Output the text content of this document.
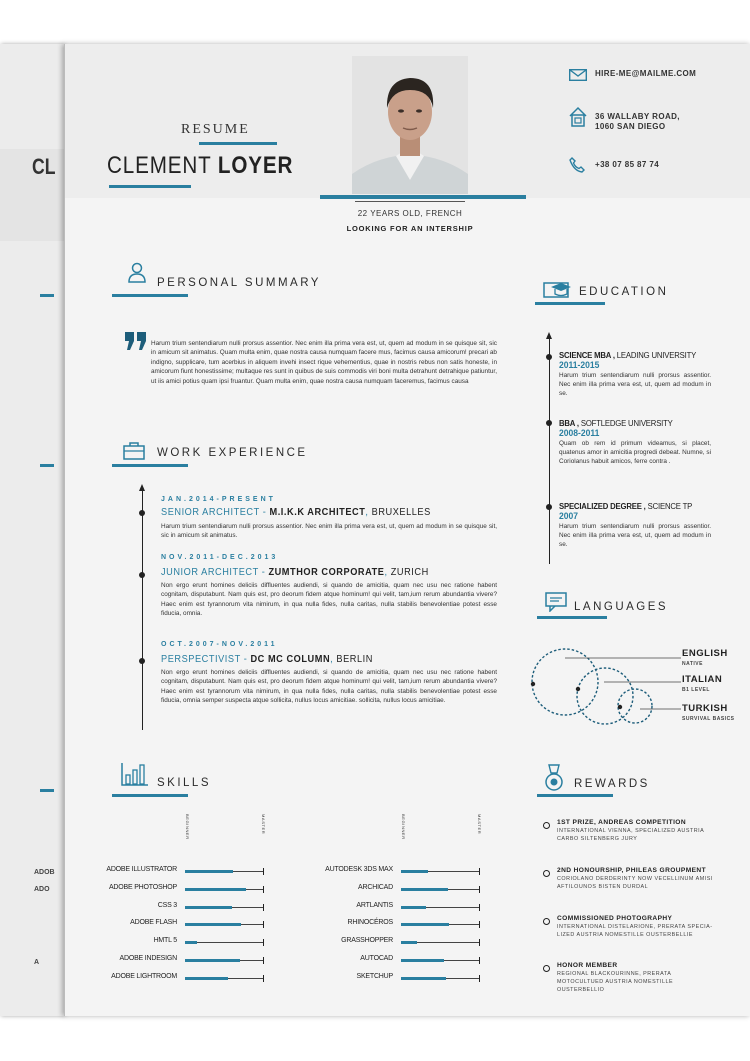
CL
ADOB
ADO
A
RESUME
CLEMENT LOYER
22 YEARS OLD, FRENCH
LOOKING FOR AN INTERSHIP
HIRE-ME@MAILME.COM
36 WALLABY ROAD,
1060 SAN DIEGO
+38 07 85 87 74
PERSONAL SUMMARY
Harum trium sentendiarum nulli prorsus assentior. Nec enim illa prima vera est, ut, quem ad modum in se quisque sit, sic in amicum sit animatus. Quam multa enim, quae nostra causa numquam facere mus, facimus causa amicorum! precari ab indigno, supplicare, tum acerbius in aliquem invehi insect rique vehementius, quae in nostris rebus non satis honeste, in amicorum fiunt honestissime; multaque res sunt in quibus de suis commodis viri boni multa detrahunt detrahique patiuntur, ut iis amici potius quam ipsi fruantur. Quam multa enim, quae nostra causa numquam faceremus, facimus causa
WORK EXPERIENCE
JAN.2014-PRESENT
SENIOR ARCHITECT - M.I.K.K ARCHITECT, BRUXELLES
Harum trium sentendiarum nulli prorsus assentior. Nec enim illa prima vera est, ut, quem ad modum in se quisque sit, sic in amicum sit animatus.
NOV.2011-DEC.2013
JUNIOR ARCHITECT - ZUMTHOR CORPORATE, ZURICH
Non ergo erunt homines deliciis diffluentes audiendi, si quando de amicitia, quam nec usu nec ratione habent cognitam, disputabunt. Nam quis est, pro deorum fidem atque hominum! qui velit, tam,ium rerum abundantia vivere? Haec enim est tyrannorum vita nimirum, in qua nulla fides, nulla caritas, nulla stabilis benevolentiae potest esse fiducia, omnia.
OCT.2007-NOV.2011
PERSPECTIVIST - DC MC COLUMN, BERLIN
Non ergo erunt homines deliciis diffluentes audiendi, si quando de amicitia, quam nec usu nec ratione habent cognitam, disputabunt. Nam quis est, pro deorum fidem atque hominum! qui velit, tam,ium rerum abundantia vivere? Haec enim est tyrannorum vita nimirum, in qua nulla fides, nulla caritas, nulla stabilis benevolentiae potest esse fiducia, omnia semper suspecta atque sollicita, nullus locus amicitiae. sollicita, nullus locus amicitiae.
EDUCATION
SCIENCE MBA , LEADING UNIVERSITY
2011-2015
Harum trium sentendiarum nulli prorsus assentior. Nec enim illa prima vera est, ut, quem ad modum in se.
BBA , SOFTLEDGE UNIVERSITY
2008-2011
Quam ob rem id primum videamus, si placet, quatenus amor in amicitia progredi debeat. Numne, si Coriolanus habuit amicos, ferre contra .
SPECIALIZED DEGREE , SCIENCE TP
2007
Harum trium sentendiarum nulli prorsus assentior. Nec enim illa prima vera est, ut, quem ad modum in se.
LANGUAGES
ENGLISH
NATIVE
ITALIAN
B1 LEVEL
TURKISH
SURVIVAL BASICS
REWARDS
1ST PRIZE, ANDREAS COMPETITION
INTERNATIONAL VIENNA, SPECIALIZED AUSTRIA CARBO SILTENBERG JURY
2ND HONOURSHIP, PHILEAS GROUPMENT
CORIOLANO DERDERINTY NOW VECELLINUM AMISI AFTILOUNOS BISTEN DURDAL
COMMISSIONED PHOTOGRAPHY
INTERNATIONAL DISTELARIONE, PRERATA SPECIA-LIZED AUSTRIA NOMESTILLE OUSTERBELLIE
HONOR MEMBER
REGIONAL BLACKOURINNE, PRERATA MOTOCULTUED AUSTRIA NOMESTILLE OUSTERBELLIO
SKILLS
BEGINNER	MASTER	BEGINNER	MASTER
ADOBE ILLUSTRATOR
ADOBE PHOTOSHOP
CSS 3
ADOBE FLASH
HMTL 5
ADOBE INDESIGN
ADOBE LIGHTROOM
AUTODESK 3DS MAX
ARCHICAD
ARTLANTIS
RHINOCÉROS
GRASSHOPPER
AUTOCAD
SKETCHUP
